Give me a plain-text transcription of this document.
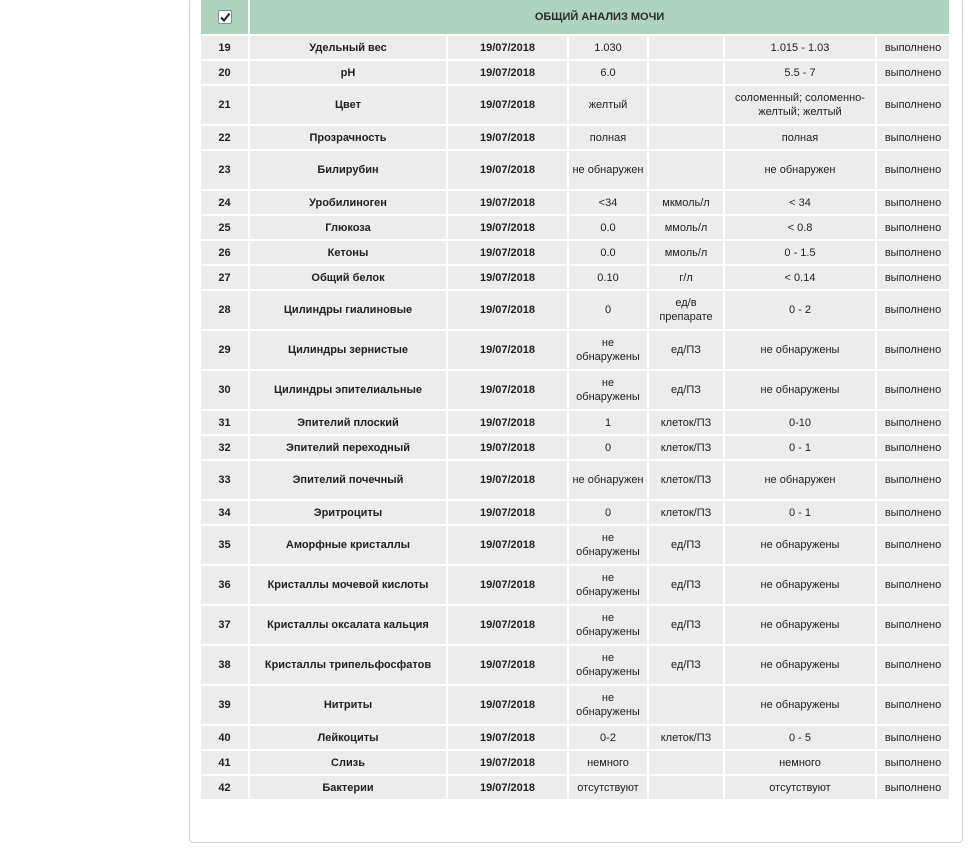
	ОБЩИЙ АНАЛИЗ МОЧИ					
19	Удельный вес	19/07/2018	1.030		1.015 - 1.03	выполнено
20	pH	19/07/2018	6.0		5.5 - 7	выполнено
21	Цвет	19/07/2018	желтый		соломенный; соломенно-желтый; желтый	выполнено
22	Прозрачность	19/07/2018	полная		полная	выполнено
23	Билирубин	19/07/2018	не обнаружен		не обнаружен	выполнено
24	Уробилиноген	19/07/2018	<34	мкмоль/л	< 34	выполнено
25	Глюкоза	19/07/2018	0.0	ммоль/л	< 0.8	выполнено
26	Кетоны	19/07/2018	0.0	ммоль/л	0 - 1.5	выполнено
27	Общий белок	19/07/2018	0.10	г/л	< 0.14	выполнено
28	Цилиндры гиалиновые	19/07/2018	0	ед/в препарате	0 - 2	выполнено
29	Цилиндры зернистые	19/07/2018	не обнаружены	ед/ПЗ	не обнаружены	выполнено
30	Цилиндры эпителиальные	19/07/2018	не обнаружены	ед/ПЗ	не обнаружены	выполнено
31	Эпителий плоский	19/07/2018	1	клеток/ПЗ	0-10	выполнено
32	Эпителий переходный	19/07/2018	0	клеток/ПЗ	0 - 1	выполнено
33	Эпителий почечный	19/07/2018	не обнаружен	клеток/ПЗ	не обнаружен	выполнено
34	Эритроциты	19/07/2018	0	клеток/ПЗ	0 - 1	выполнено
35	Аморфные кристаллы	19/07/2018	не обнаружены	ед/ПЗ	не обнаружены	выполнено
36	Кристаллы мочевой кислоты	19/07/2018	не обнаружены	ед/ПЗ	не обнаружены	выполнено
37	Кристаллы оксалата кальция	19/07/2018	не обнаружены	ед/ПЗ	не обнаружены	выполнено
38	Кристаллы трипельфосфатов	19/07/2018	не обнаружены	ед/ПЗ	не обнаружены	выполнено
39	Нитриты	19/07/2018	не обнаружены		не обнаружены	выполнено
40	Лейкоциты	19/07/2018	0-2	клеток/ПЗ	0 - 5	выполнено
41	Слизь	19/07/2018	немного		немного	выполнено
42	Бактерии	19/07/2018	отсутствуют		отсутствуют	выполнено
